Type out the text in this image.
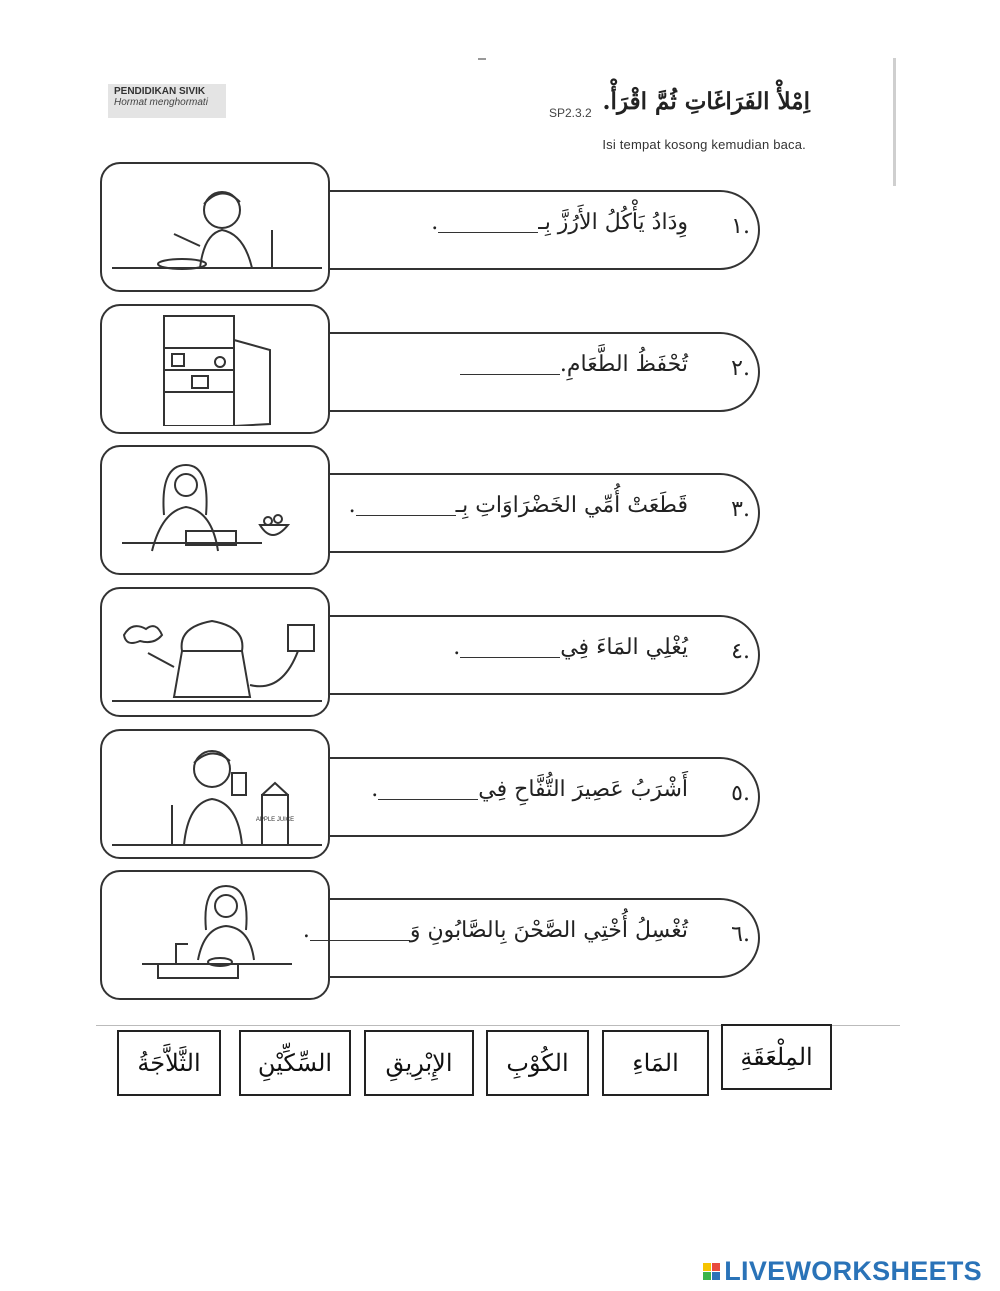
PENDIDIKAN SIVIK
Hormat menghormati
SP2.3.2 اِمْلأْ الفَرَاغَاتِ ثُمَّ اقْرَأْ.
Isi tempat kosong kemudian baca.
١.
وِدَادُ يَأْكُلُ الأَرُزَّ بِـ.
٢.
تُحْفَظُ الطَّعَامِ.
٣.
قَطَعَتْ أُمِّي الخَضْرَاوَاتِ بِـ.
٤.
يُغْلِي المَاءَ فِي.
APPLE JUICE
٥.
أَشْرَبُ عَصِيرَ التُّفَّاحِ فِي.
٦.
تُغْسِلُ أُخْتِي الصَّحْنَ بِالصَّابُونِ وَ.
المِلْعَقَةِ
المَاءِ
الكُوْبِ
الإِبْرِيقِ
السِّكِّيْنِ
الثَّلاَّجَةُ
LIVEWORKSHEETS
